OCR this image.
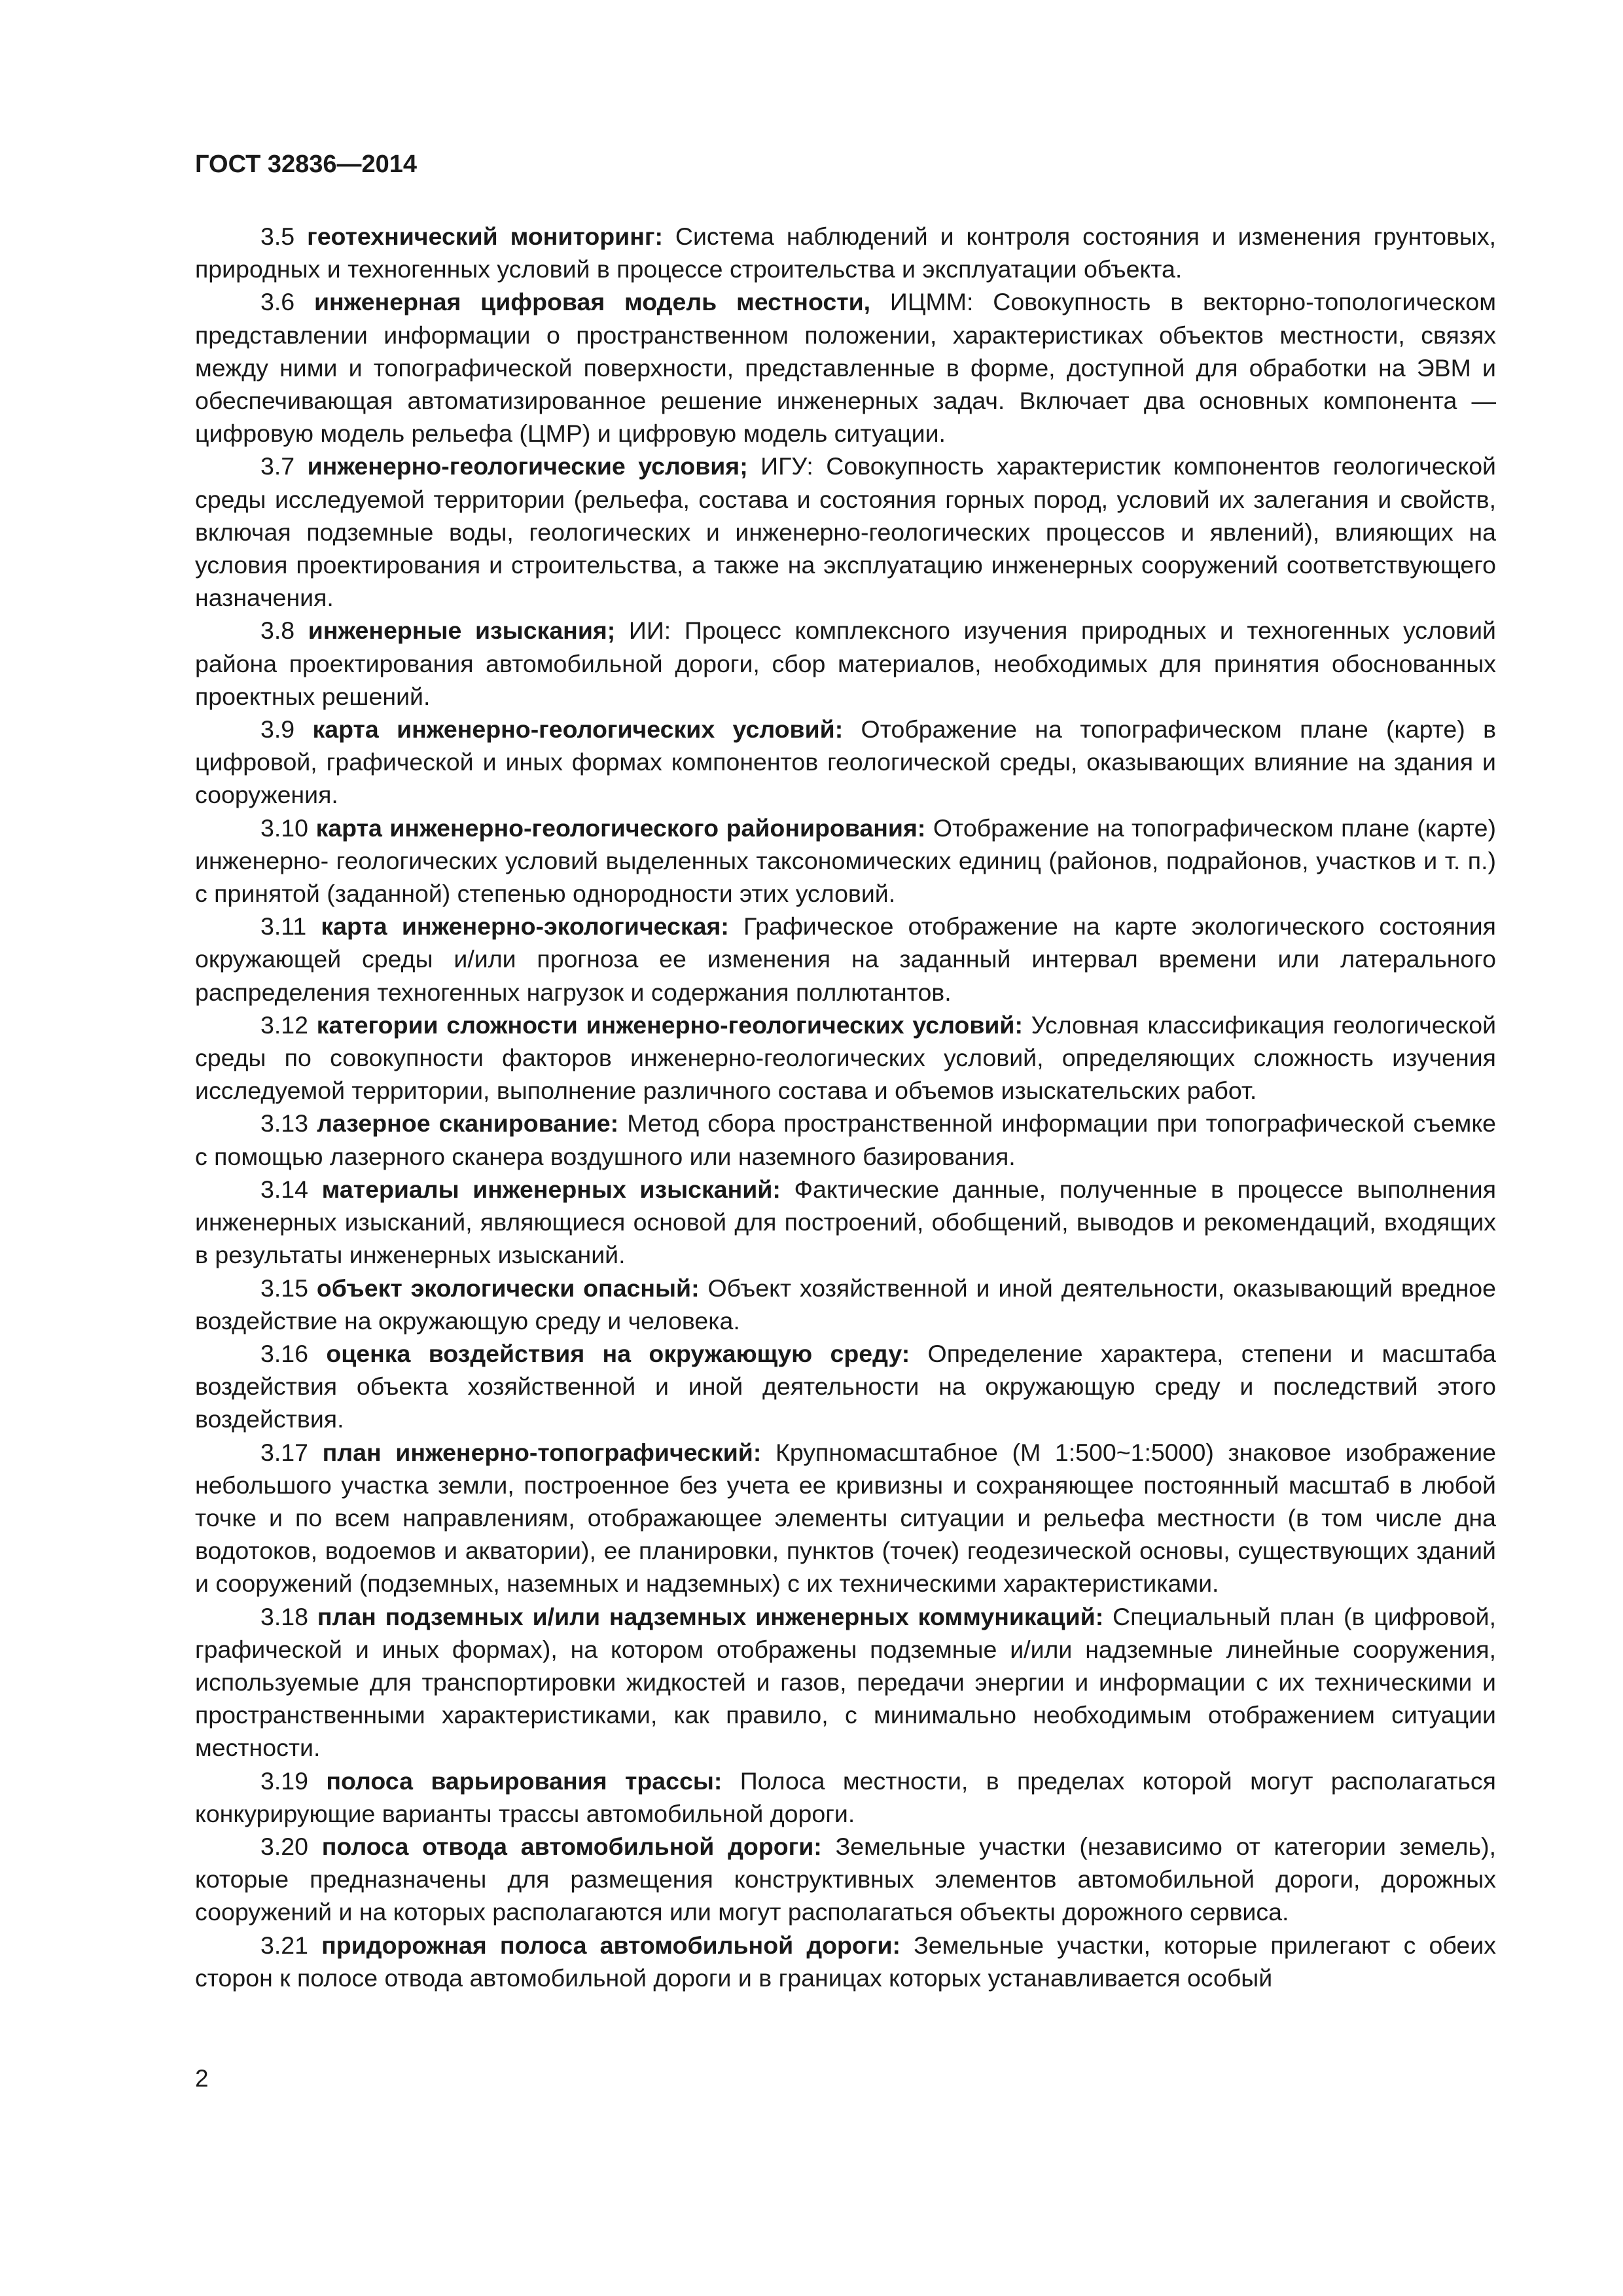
ГОСТ 32836—2014

3.5 геотехнический мониторинг: Система наблюдений и контроля состояния и изменения грунтовых, природных и техногенных условий в процессе строительства и эксплуатации объекта.

3.6 инженерная цифровая модель местности, ИЦММ: Совокупность в векторно-топологическом представлении информации о пространственном положении, характеристиках объектов местности, связях между ними и топографической поверхности, представленные в форме, доступной для обработки на ЭВМ и обеспечивающая автоматизированное решение инженерных задач. Включает два основных компонента — цифровую модель рельефа (ЦМР) и цифровую модель ситуации.

3.7 инженерно-геологические условия; ИГУ: Совокупность характеристик компонентов геологической среды исследуемой территории (рельефа, состава и состояния горных пород, условий их залегания и свойств, включая подземные воды, геологических и инженерно-геологических процессов и явлений), влияющих на условия проектирования и строительства, а также на эксплуатацию инженерных сооружений соответствующего назначения.

3.8 инженерные изыскания; ИИ: Процесс комплексного изучения природных и техногенных условий района проектирования автомобильной дороги, сбор материалов, необходимых для принятия обоснованных проектных решений.

3.9 карта инженерно-геологических условий: Отображение на топографическом плане (карте) в цифровой, графической и иных формах компонентов геологической среды, оказывающих влияние на здания и сооружения.

3.10 карта инженерно-геологического районирования: Отображение на топографическом плане (карте) инженерно- геологических условий выделенных таксономических единиц (районов, подрайонов, участков и т. п.) с принятой (заданной) степенью однородности этих условий.

3.11 карта инженерно-экологическая: Графическое отображение на карте экологического состояния окружающей среды и/или прогноза ее изменения на заданный интервал времени или латерального распределения техногенных нагрузок и содержания поллютантов.

3.12 категории сложности инженерно-геологических условий: Условная классификация геологической среды по совокупности факторов инженерно-геологических условий, определяющих сложность изучения исследуемой территории, выполнение различного состава и объемов изыскательских работ.

3.13 лазерное сканирование: Метод сбора пространственной информации при топографической съемке с помощью лазерного сканера воздушного или наземного базирования.

3.14 материалы инженерных изысканий: Фактические данные, полученные в процессе выполнения инженерных изысканий, являющиеся основой для построений, обобщений, выводов и рекомендаций, входящих в результаты инженерных изысканий.

3.15 объект экологически опасный: Объект хозяйственной и иной деятельности, оказывающий вредное воздействие на окружающую среду и человека.

3.16 оценка воздействия на окружающую среду: Определение характера, степени и масштаба воздействия объекта хозяйственной и иной деятельности на окружающую среду и последствий этого воздействия.

3.17 план инженерно-топографический: Крупномасштабное (М 1:500~1:5000) знаковое изображение небольшого участка земли, построенное без учета ее кривизны и сохраняющее постоянный масштаб в любой точке и по всем направлениям, отображающее элементы ситуации и рельефа местности (в том числе дна водотоков, водоемов и акватории), ее планировки, пунктов (точек) геодезической основы, существующих зданий и сооружений (подземных, наземных и надземных) с их техническими характеристиками.

3.18 план подземных и/или надземных инженерных коммуникаций: Специальный план (в цифровой, графической и иных формах), на котором отображены подземные и/или надземные линейные сооружения, используемые для транспортировки жидкостей и газов, передачи энергии и информации с их техническими и пространственными характеристиками, как правило, с минимально необходимым отображением ситуации местности.

3.19 полоса варьирования трассы: Полоса местности, в пределах которой могут располагаться конкурирующие варианты трассы автомобильной дороги.

3.20 полоса отвода автомобильной дороги: Земельные участки (независимо от категории земель), которые предназначены для размещения конструктивных элементов автомобильной дороги, дорожных сооружений и на которых располагаются или могут располагаться объекты дорожного сервиса.

3.21 придорожная полоса автомобильной дороги: Земельные участки, которые прилегают с обеих сторон к полосе отвода автомобильной дороги и в границах которых устанавливается особый

2
